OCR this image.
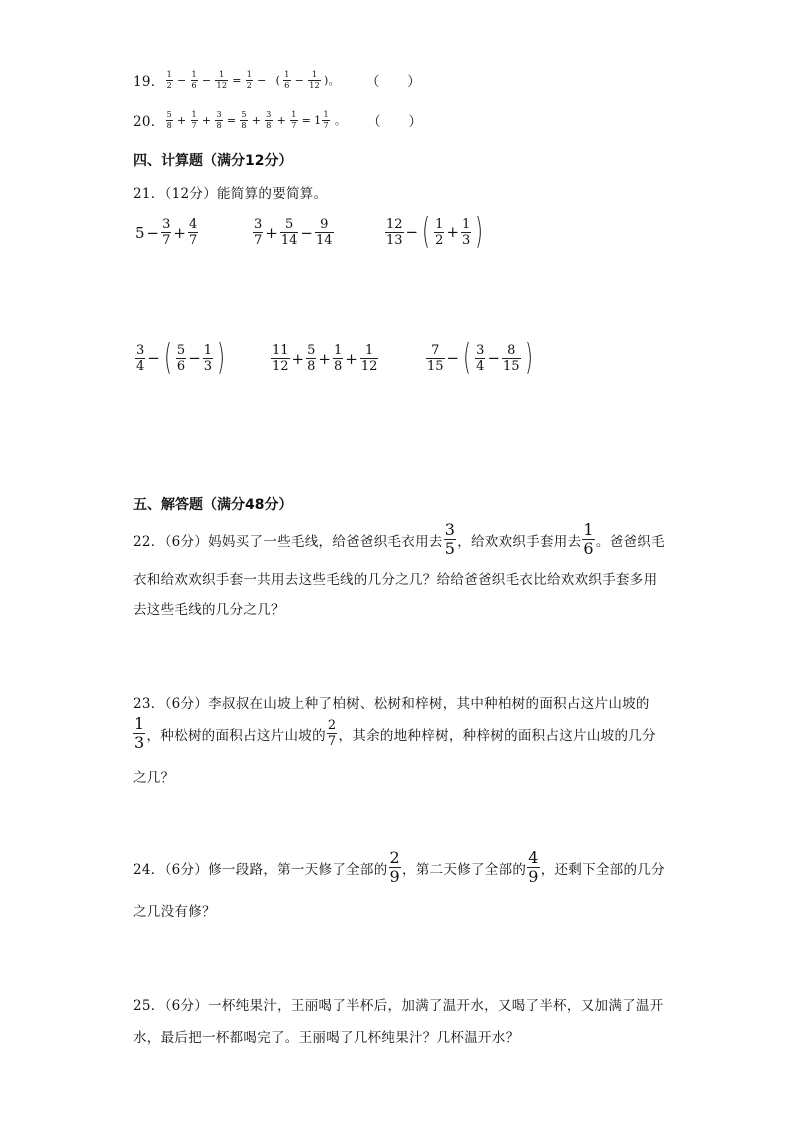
19． 1
2 − 1
6 − 1
12 = 1
2 − ( 1
6 − 1
12 ) 。 （　　）
20． 5
8 + 1
7 + 3
8 = 5
8 + 3
8 + 1
7 = 1 1
7 。 （　　）
四、计算题（满分12分）
21．（12分）能简算的要简算。
5 − 3
7 + 4
7
3
7 + 5
14 − 9
14
12
13 − ( 1
2 + 1
3 )
3
4 − ( 5
6 − 1
3 )	11
12 + 5
8 + 1
8 + 1
12
7
15 − ( 3
4 − 8
15 )
五、解答题（满分48分）
22．（6分）妈妈买了一些毛线，给爸爸织毛衣用去
3
5 ，给欢欢织手套用去
1
6 。爸爸织毛
衣和给欢欢织手套一共用去这些毛线的几分之几？给给爸爸织毛衣比给欢欢织手套多用
去这些毛线的几分之几？
23．（6分）李叔叔在山坡上种了柏树、松树和梓树，其中种柏树的面积占这片山坡的
1
3 ，种松树的面积占这片山坡的
2
7 ，其余的地种梓树，种梓树的面积占这片山坡的几分
之几？
24．（6分）修一段路，第一天修了全部的
2
9 ，第二天修了全部的
4
9 ，还剩下全部的几分
之几没有修？
25．（6分）一杯纯果汁，王丽喝了半杯后，加满了温开水，又喝了半杯，又加满了温开
水，最后把一杯都喝完了。王丽喝了几杯纯果汁？几杯温开水？
